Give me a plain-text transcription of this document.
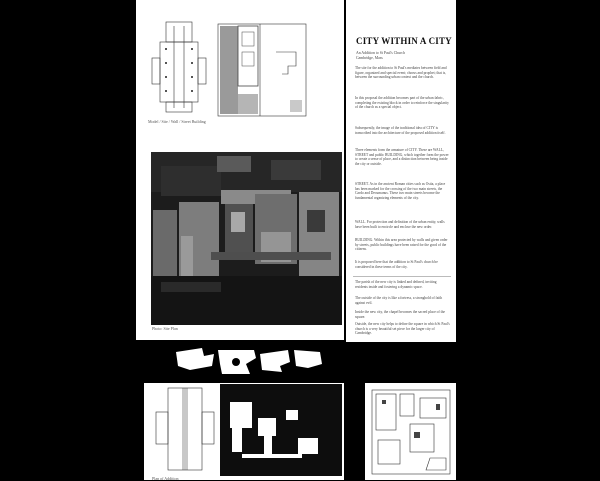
Model / Site / Wall / Street Building
Photo: Site Plan
Plan of Addition
CITY WITHIN A CITY
An Addition to St Paul's Church
Cambridge, Mass
The site for the addition to St Paul's mediates between field and figure, organized and special event; chorus and prophet; that is, between the surrounding urban context and the church.
In this proposal the addition becomes part of the urban fabric, completing the existing block in order to reinforce the singularity of the church as a special object.
Subsequently, the image of the traditional idea of CITY is transcribed into the architecture of the proposed addition itself.
Three elements form the armature of CITY. These are WALL, STREET and public BUILDING, which together form the power to create a sense of place, and a distinction between being inside the city or outside.
STREET. As in the ancient Roman cities such as Ostia, a place has been marked for the crossing of the two main streets, the Cardo and Decumanus. These two main streets become the fundamental organizing elements of the city.
WALL. For protection and definition of the urban entity, walls have been built to encircle and enclose the new order.
BUILDING. Within this area protected by walls and given order by streets, public buildings have been raised for the good of the citizens.
It is proposed here that the addition to St Paul's church be considered in these terms of the city.
The parish of the new city is linked and defined, inviting residents inside and fostering a dynamic space.
The outside of the city is like a fortress, a stronghold of faith against evil.
Inside the new city, the chapel becomes the sacred place of the square.
Outside, the new city helps to define the square in which St Paul's church is a very beautiful set piece for the larger city of Cambridge.
